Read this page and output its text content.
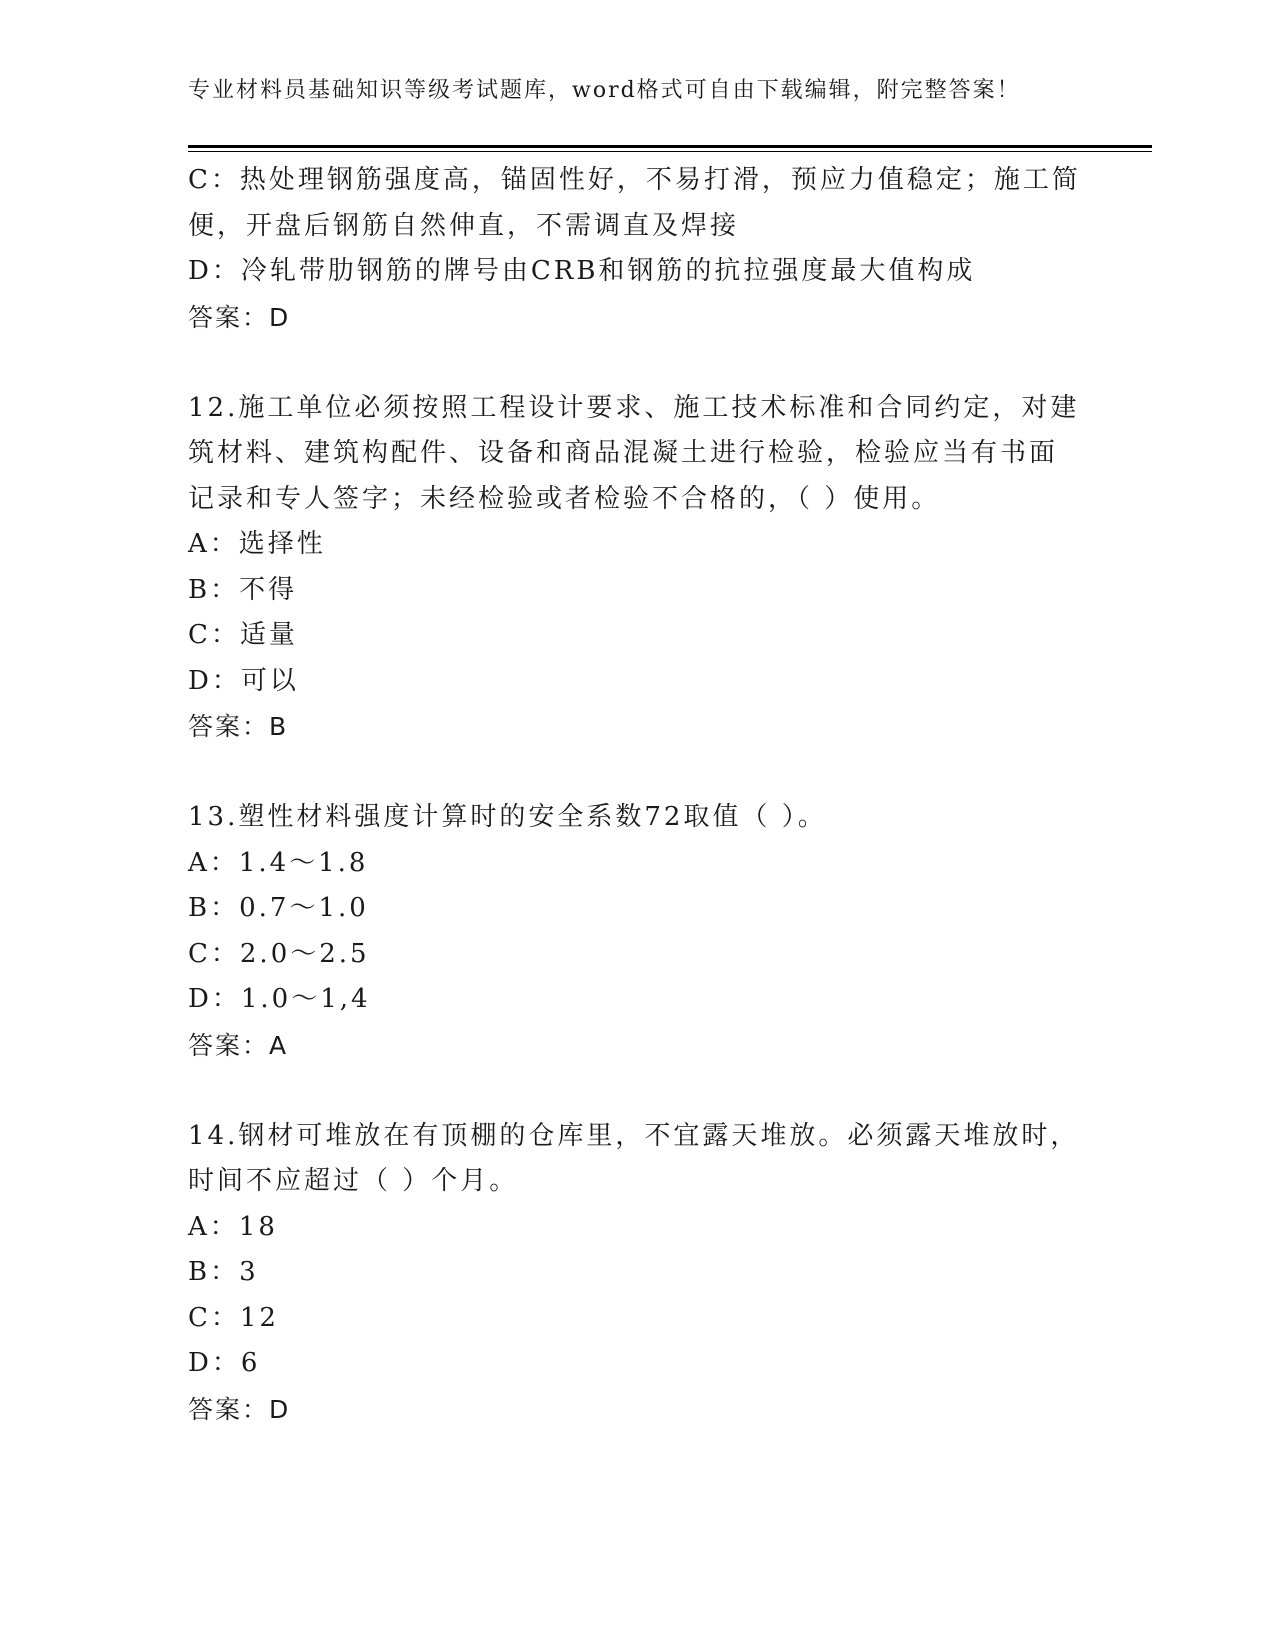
专业材料员基础知识等级考试题库，word格式可自由下载编辑，附完整答案！
C：热处理钢筋强度高，锚固性好，不易打滑，预应力值稳定；施工简
便，开盘后钢筋自然伸直，不需调直及焊接
D：冷轧带肋钢筋的牌号由CRB和钢筋的抗拉强度最大值构成
答案：D
12.施工单位必须按照工程设计要求、施工技术标准和合同约定，对建
筑材料、建筑构配件、设备和商品混凝土进行检验，检验应当有书面
记录和专人签字；未经检验或者检验不合格的，（ ）使用。
A：选择性
B：不得
C：适量
D：可以
答案：B
13.塑性材料强度计算时的安全系数72取值（ ）。
A：1.4～1.8
B：0.7～1.0
C：2.0～2.5
D：1.0～1,4
答案：A
14.钢材可堆放在有顶棚的仓库里，不宜露天堆放。必须露天堆放时，
时间不应超过（ ）个月。
A：18
B：3
C：12
D：6
答案：D
